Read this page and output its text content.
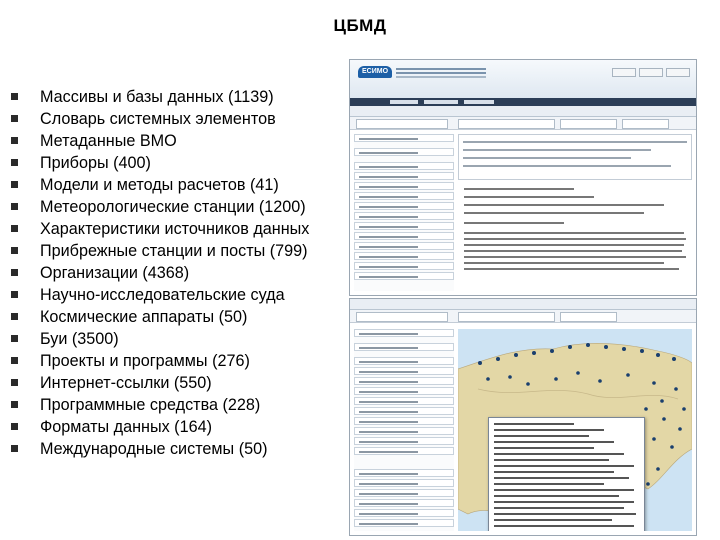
ЦБМД
Массивы и базы данных (1139)
Словарь системных элементов
Метаданные ВМО
Приборы (400)
Модели и методы расчетов (41)
Метеорологические станции (1200)
Характеристики источников данных
Прибрежные станции и посты (799)
Организации (4368)
Научно-исследовательские суда
Космические аппараты (50)
Буи (3500)
Проекты и программы (276)
Интернет-ссылки (550)
Программные средства (228)
Форматы данных (164)
Международные системы (50)
ЕСИМО
